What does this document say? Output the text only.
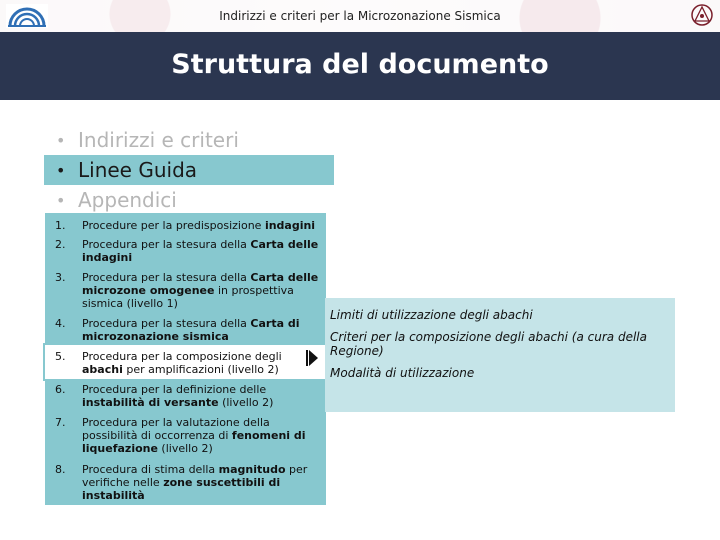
Indirizzi e criteri per la Microzonazione Sismica
Struttura del documento
• Indirizzi e criteri
• Linee Guida
• Appendici
1. Procedure per la predisposizione indagini
2. Procedura per la stesura della Carta delle indagini
3. Procedura per la stesura della Carta delle microzone omogenee in prospettiva sismica (livello 1)
4. Procedura per la stesura della Carta di microzonazione sismica
5. Procedura per la composizione degli abachi per amplificazioni (livello 2)
6. Procedura per la definizione delle instabilità di versante (livello 2)
7. Procedura per la valutazione della possibilità di occorrenza di fenomeni di liquefazione (livello 2)
8. Procedura di stima della magnitudo per verifiche nelle zone suscettibili di instabilità

Limiti di utilizzazione degli abachi

Criteri per la composizione degli abachi (a cura della Regione)

Modalità di utilizzazione
